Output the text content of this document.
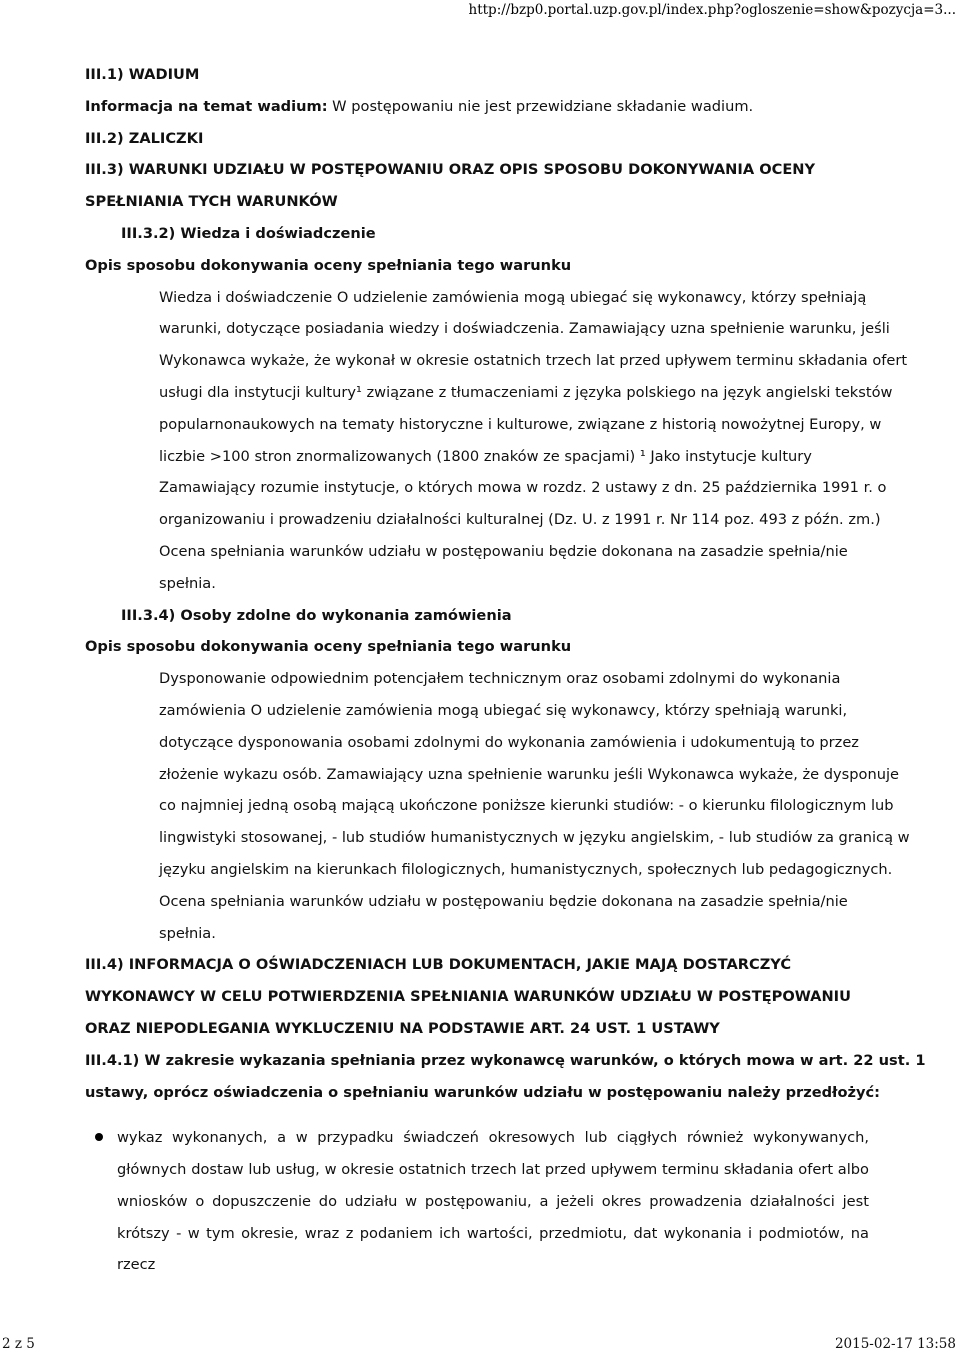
http://bzp0.portal.uzp.gov.pl/index.php?ogloszenie=show&pozycja=3...
III.1) WADIUM
Informacja na temat wadium: W postępowaniu nie jest przewidziane składanie wadium.
III.2) ZALICZKI
III.3) WARUNKI UDZIAŁU W POSTĘPOWANIU ORAZ OPIS SPOSOBU DOKONYWANIA OCENY
SPEŁNIANIA TYCH WARUNKÓW
III.3.2) Wiedza i doświadczenie
Opis sposobu dokonywania oceny spełniania tego warunku
Wiedza i doświadczenie O udzielenie zamówienia mogą ubiegać się wykonawcy, którzy spełniają
warunki, dotyczące posiadania wiedzy i doświadczenia. Zamawiający uzna spełnienie warunku, jeśli
Wykonawca wykaże, że wykonał w okresie ostatnich trzech lat przed upływem terminu składania ofert
usługi dla instytucji kultury¹ związane z tłumaczeniami z języka polskiego na język angielski tekstów
popularnonaukowych na tematy historyczne i kulturowe, związane z historią nowożytnej Europy, w
liczbie >100 stron znormalizowanych (1800 znaków ze spacjami) ¹ Jako instytucje kultury
Zamawiający rozumie instytucje, o których mowa w rozdz. 2 ustawy z dn. 25 października 1991 r. o
organizowaniu i prowadzeniu działalności kulturalnej (Dz. U. z 1991 r. Nr 114 poz. 493 z późn. zm.)
Ocena spełniania warunków udziału w postępowaniu będzie dokonana na zasadzie spełnia/nie
spełnia.
III.3.4) Osoby zdolne do wykonania zamówienia
Opis sposobu dokonywania oceny spełniania tego warunku
Dysponowanie odpowiednim potencjałem technicznym oraz osobami zdolnymi do wykonania
zamówienia O udzielenie zamówienia mogą ubiegać się wykonawcy, którzy spełniają warunki,
dotyczące dysponowania osobami zdolnymi do wykonania zamówienia i udokumentują to przez
złożenie wykazu osób. Zamawiający uzna spełnienie warunku jeśli Wykonawca wykaże, że dysponuje
co najmniej jedną osobą mającą ukończone poniższe kierunki studiów: - o kierunku filologicznym lub
lingwistyki stosowanej, - lub studiów humanistycznych w języku angielskim, - lub studiów za granicą w
języku angielskim na kierunkach filologicznych, humanistycznych, społecznych lub pedagogicznych.
Ocena spełniania warunków udziału w postępowaniu będzie dokonana na zasadzie spełnia/nie
spełnia.
III.4) INFORMACJA O OŚWIADCZENIACH LUB DOKUMENTACH, JAKIE MAJĄ DOSTARCZYĆ
WYKONAWCY W CELU POTWIERDZENIA SPEŁNIANIA WARUNKÓW UDZIAŁU W POSTĘPOWANIU
ORAZ NIEPODLEGANIA WYKLUCZENIU NA PODSTAWIE ART. 24 UST. 1 USTAWY
III.4.1) W zakresie wykazania spełniania przez wykonawcę warunków, o których mowa w art. 22 ust. 1
ustawy, oprócz oświadczenia o spełnianiu warunków udziału w postępowaniu należy przedłożyć:
wykaz wykonanych, a w przypadku świadczeń okresowych lub ciągłych również wykonywanych,
głównych dostaw lub usług, w okresie ostatnich trzech lat przed upływem terminu składania ofert albo
wniosków o dopuszczenie do udziału w postępowaniu, a jeżeli okres prowadzenia działalności jest
krótszy - w tym okresie, wraz z podaniem ich wartości, przedmiotu, dat wykonania i podmiotów, na rzecz
2 z 5	2015-02-17 13:58
